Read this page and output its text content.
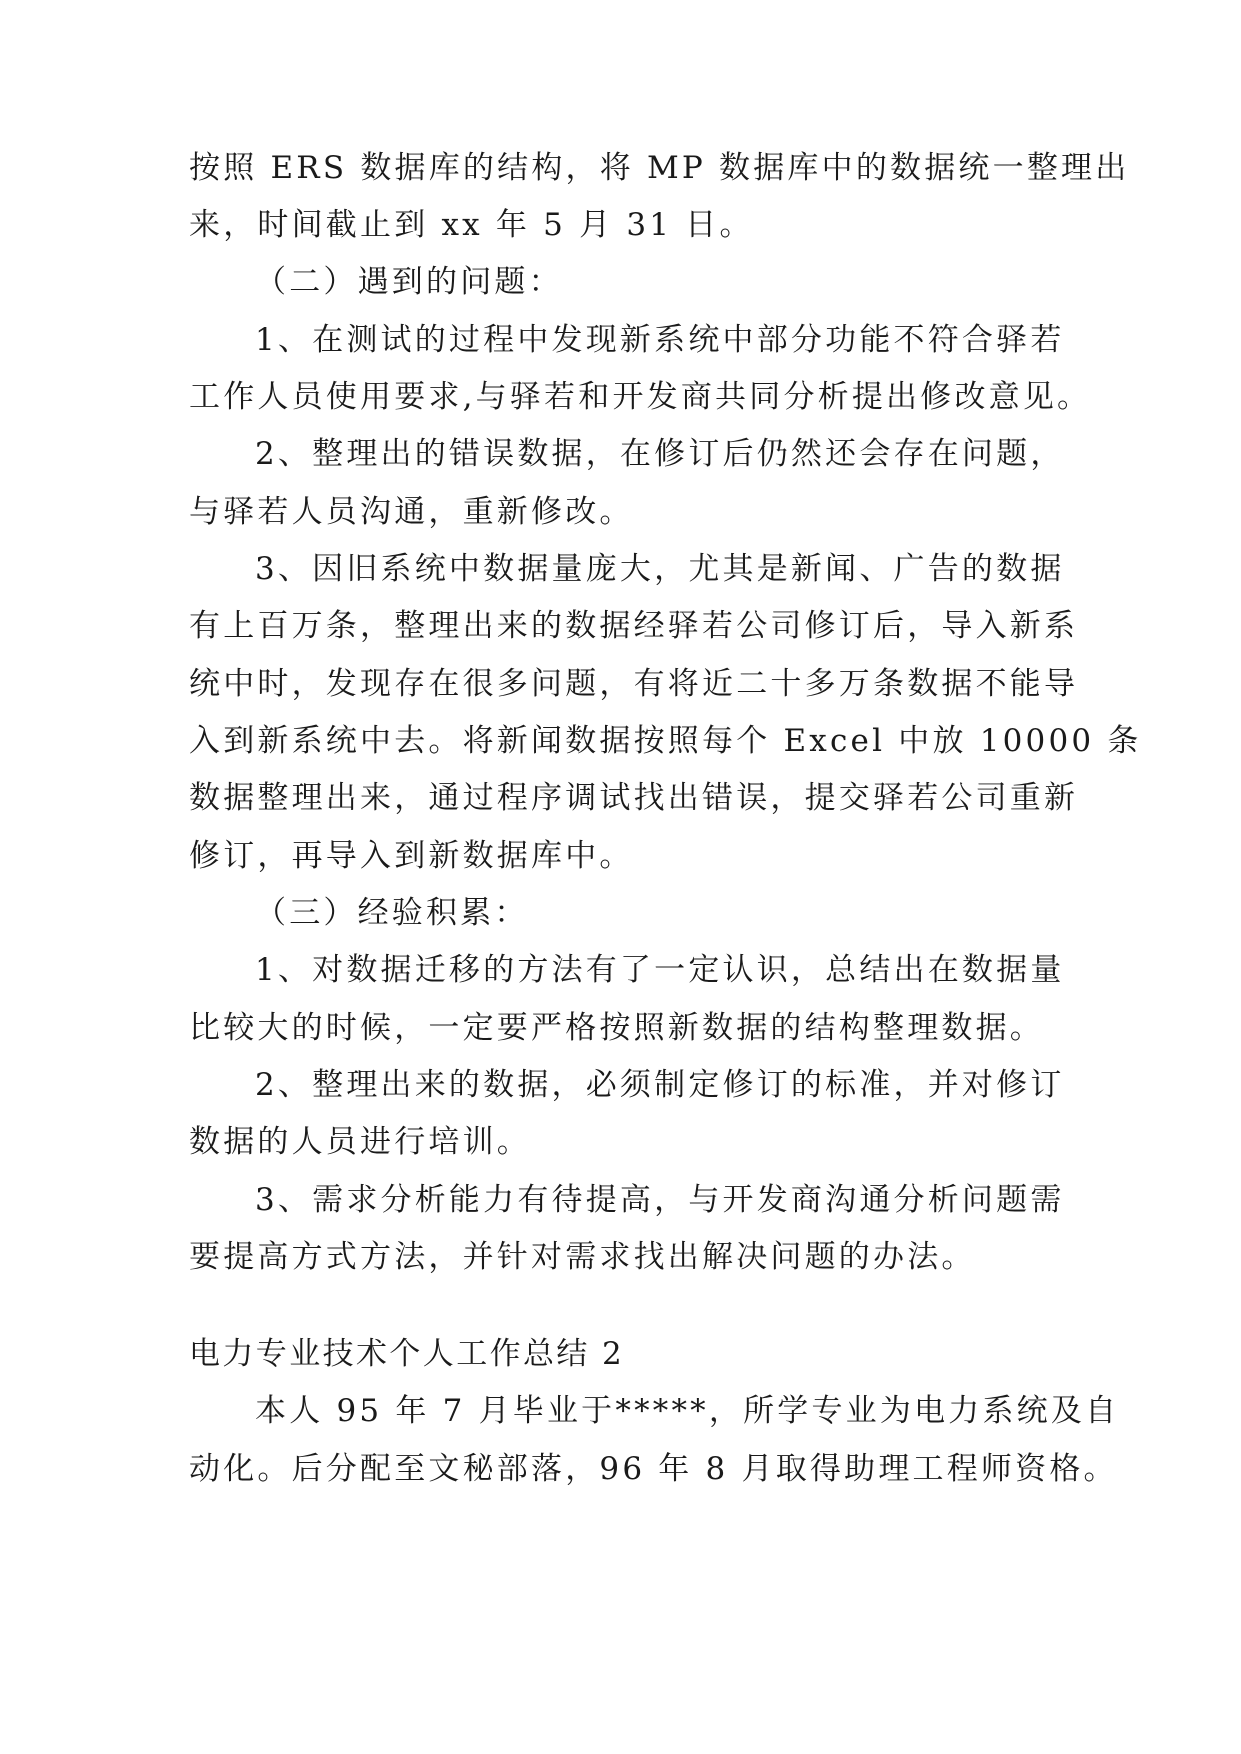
按照 ERS 数据库的结构，将 MP 数据库中的数据统一整理出
来，时间截止到 xx 年 5 月 31 日。
（二）遇到的问题：
1、在测试的过程中发现新系统中部分功能不符合驿若
工作人员使用要求,与驿若和开发商共同分析提出修改意见。
2、整理出的错误数据，在修订后仍然还会存在问题，
与驿若人员沟通，重新修改。
3、因旧系统中数据量庞大，尤其是新闻、广告的数据
有上百万条，整理出来的数据经驿若公司修订后，导入新系
统中时，发现存在很多问题，有将近二十多万条数据不能导
入到新系统中去。将新闻数据按照每个 Excel 中放 10000 条
数据整理出来，通过程序调试找出错误，提交驿若公司重新
修订，再导入到新数据库中。
（三）经验积累：
1、对数据迁移的方法有了一定认识，总结出在数据量
比较大的时候，一定要严格按照新数据的结构整理数据。
2、整理出来的数据，必须制定修订的标准，并对修订
数据的人员进行培训。
3、需求分析能力有待提高，与开发商沟通分析问题需
要提高方式方法，并针对需求找出解决问题的办法。
电力专业技术个人工作总结 2
本人 95 年 7 月毕业于*****，所学专业为电力系统及自
动化。后分配至文秘部落，96 年 8 月取得助理工程师资格。
